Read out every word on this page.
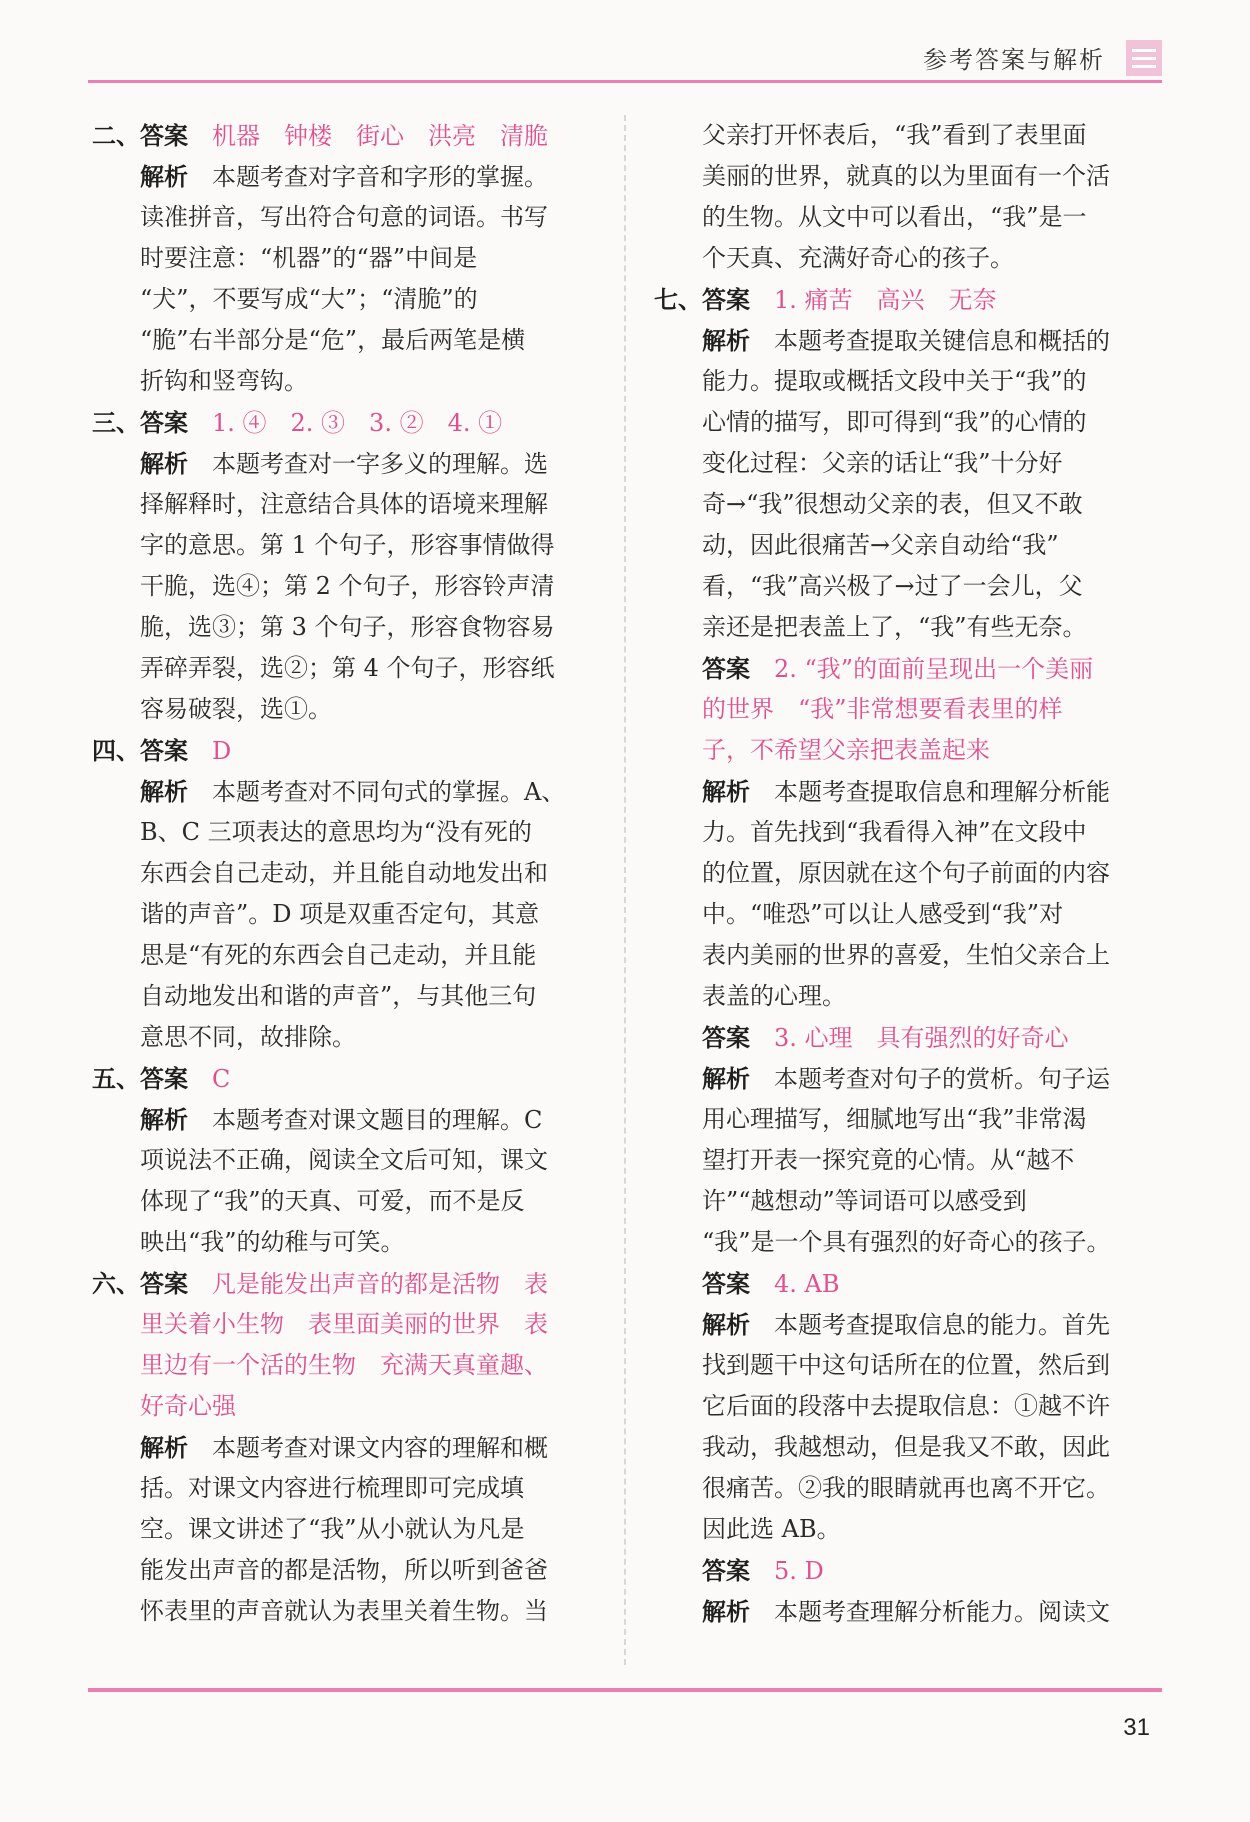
参考答案与解析
二、答案　 机器　钟楼　街心　洪亮　清脆
解析　 本题考查对字音和字形的掌握。
读准拼音，写出符合句意的词语。书写
时要注意：“机器”的“器”中间是
“犬”，不要写成“大”；“清脆”的
“脆”右半部分是“危”，最后两笔是横
折钩和竖弯钩。
三、答案　 1. ④　2. ③　3. ②　4. ①
解析　 本题考查对一字多义的理解。选
择解释时，注意结合具体的语境来理解
字的意思。第 1 个句子，形容事情做得
干脆，选④；第 2 个句子，形容铃声清
脆，选③；第 3 个句子，形容食物容易
弄碎弄裂，选②；第 4 个句子，形容纸
容易破裂，选①。
四、答案　 D
解析　 本题考查对不同句式的掌握。A、
B、C 三项表达的意思均为“没有死的
东西会自己走动，并且能自动地发出和
谐的声音”。D 项是双重否定句，其意
思是“有死的东西会自己走动，并且能
自动地发出和谐的声音”，与其他三句
意思不同，故排除。
五、答案　 C
解析　 本题考查对课文题目的理解。C
项说法不正确，阅读全文后可知，课文
体现了“我”的天真、可爱，而不是反
映出“我”的幼稚与可笑。
六、答案　 凡是能发出声音的都是活物　表
里关着小生物　表里面美丽的世界　表
里边有一个活的生物　充满天真童趣、
好奇心强
解析　 本题考查对课文内容的理解和概
括。对课文内容进行梳理即可完成填
空。课文讲述了“我”从小就认为凡是
能发出声音的都是活物，所以听到爸爸
怀表里的声音就认为表里关着生物。当
父亲打开怀表后，“我”看到了表里面
美丽的世界，就真的以为里面有一个活
的生物。从文中可以看出，“我”是一
个天真、充满好奇心的孩子。
七、答案　 1. 痛苦　高兴　无奈
解析　 本题考查提取关键信息和概括的
能力。提取或概括文段中关于“我”的
心情的描写，即可得到“我”的心情的
变化过程：父亲的话让“我”十分好
奇→“我”很想动父亲的表，但又不敢
动，因此很痛苦→父亲自动给“我”
看，“我”高兴极了→过了一会儿，父
亲还是把表盖上了，“我”有些无奈。
答案　 2. “我”的面前呈现出一个美丽
的世界　“我”非常想要看表里的样
子，不希望父亲把表盖起来
解析　 本题考查提取信息和理解分析能
力。首先找到“我看得入神”在文段中
的位置，原因就在这个句子前面的内容
中。“唯恐”可以让人感受到“我”对
表内美丽的世界的喜爱，生怕父亲合上
表盖的心理。
答案　 3. 心理　具有强烈的好奇心
解析　 本题考查对句子的赏析。句子运
用心理描写，细腻地写出“我”非常渴
望打开表一探究竟的心情。从“越不
许”“越想动”等词语可以感受到
“我”是一个具有强烈的好奇心的孩子。
答案　 4. AB
解析　 本题考查提取信息的能力。首先
找到题干中这句话所在的位置，然后到
它后面的段落中去提取信息：①越不许
我动，我越想动，但是我又不敢，因此
很痛苦。②我的眼睛就再也离不开它。
因此选 AB。
答案　 5. D
解析　 本题考查理解分析能力。阅读文
31
